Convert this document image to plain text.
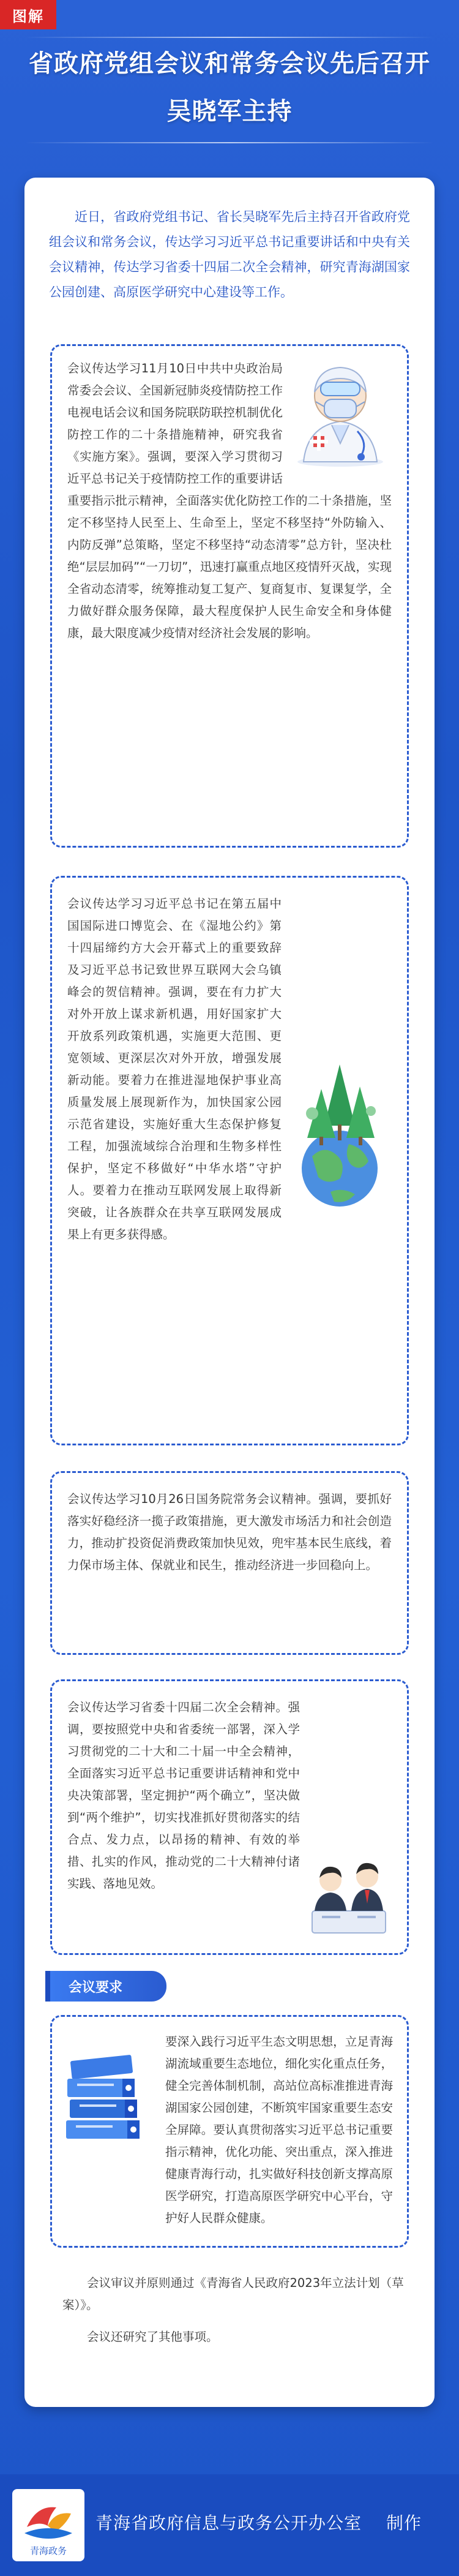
图解
省政府党组会议和常务会议先后召开
吴晓军主持
近日，省政府党组书记、省长吴晓军先后主持召开省政府党组会议和常务会议，传达学习习近平总书记重要讲话和中央有关会议精神，传达学习省委十四届二次全会精神，研究青海湖国家公园创建、高原医学研究中心建设等工作。
会议传达学习11月10日中共中央政治局常委会会议、全国新冠肺炎疫情防控工作电视电话会议和国务院联防联控机制优化防控工作的二十条措施精神，研究我省《实施方案》。强调，要深入学习贯彻习近平总书记关于疫情防控工作的重要讲话重要指示批示精神，全面落实优化防控工作的二十条措施，坚定不移坚持人民至上、生命至上，坚定不移坚持“外防输入、内防反弹”总策略，坚定不移坚持“动态清零”总方针，坚决杜绝“层层加码”“一刀切”，迅速打赢重点地区疫情歼灭战，实现全省动态清零，统筹推动复工复产、复商复市、复课复学，全力做好群众服务保障，最大程度保护人民生命安全和身体健康，最大限度减少疫情对经济社会发展的影响。
会议传达学习习近平总书记在第五届中国国际进口博览会、在《湿地公约》第十四届缔约方大会开幕式上的重要致辞及习近平总书记致世界互联网大会乌镇峰会的贺信精神。强调，要在有力扩大对外开放上谋求新机遇，用好国家扩大开放系列政策机遇，实施更大范围、更宽领域、更深层次对外开放，增强发展新动能。要着力在推进湿地保护事业高质量发展上展现新作为，加快国家公园示范省建设，实施好重大生态保护修复工程，加强流域综合治理和生物多样性保护，坚定不移做好“中华水塔”守护人。要着力在推动互联网发展上取得新突破，让各族群众在共享互联网发展成果上有更多获得感。
会议传达学习10月26日国务院常务会议精神。强调，要抓好落实好稳经济一揽子政策措施，更大激发市场活力和社会创造力，推动扩投资促消费政策加快见效，兜牢基本民生底线，着力保市场主体、保就业和民生，推动经济进一步回稳向上。
会议传达学习省委十四届二次全会精神。强调，要按照党中央和省委统一部署，深入学习贯彻党的二十大和二十届一中全会精神，全面落实习近平总书记重要讲话精神和党中央决策部署，坚定拥护“两个确立”，坚决做到“两个维护”，切实找准抓好贯彻落实的结合点、发力点，以昂扬的精神、有效的举措、扎实的作风，推动党的二十大精神付诸实践、落地见效。
会议要求
要深入践行习近平生态文明思想，立足青海湖流域重要生态地位，细化实化重点任务，健全完善体制机制，高站位高标准推进青海湖国家公园创建，不断筑牢国家重要生态安全屏障。要认真贯彻落实习近平总书记重要指示精神，优化功能、突出重点，深入推进健康青海行动，扎实做好科技创新支撑高原医学研究，打造高原医学研究中心平台，守护好人民群众健康。
会议审议并原则通过《青海省人民政府2023年立法计划（草案）》。
会议还研究了其他事项。
青海政务
青海省政府信息与政务公开办公室 制作
